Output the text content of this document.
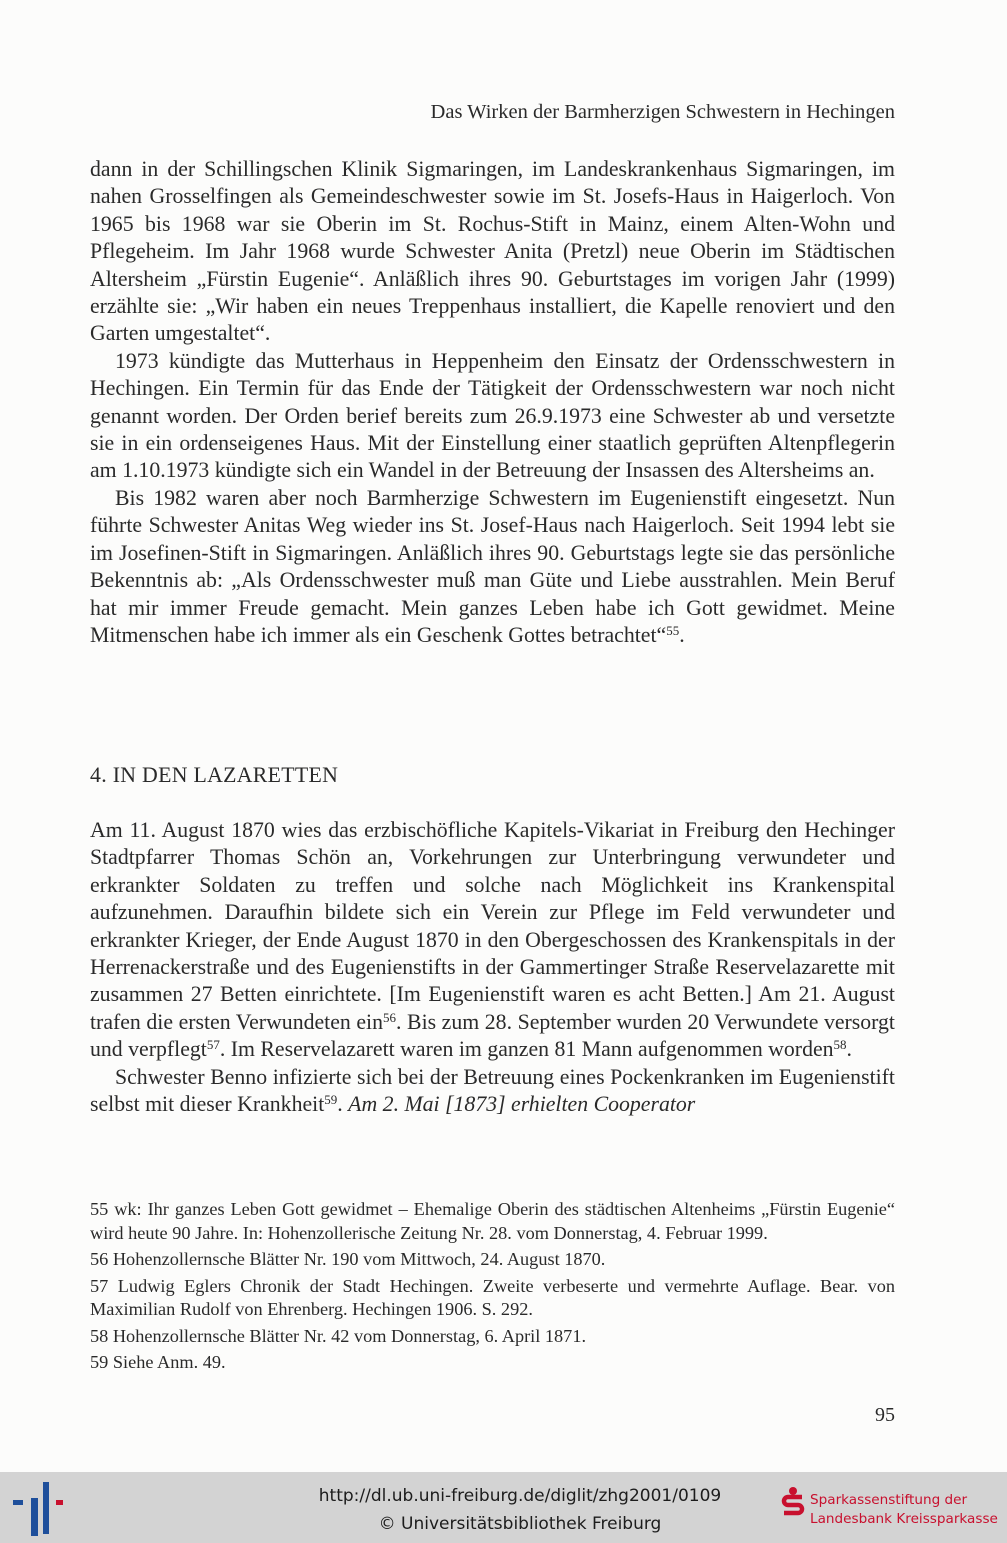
Das Wirken der Barmherzigen Schwestern in Hechingen

dann in der Schillingschen Klinik Sigmaringen, im Landeskrankenhaus Sigmaringen, im nahen Grosselfingen als Gemeindeschwester sowie im St. Josefs-Haus in Haigerloch. Von 1965 bis 1968 war sie Oberin im St. Rochus-Stift in Mainz, einem Alten-Wohn und Pflegeheim. Im Jahr 1968 wurde Schwester Anita (Pretzl) neue Oberin im Städtischen Altersheim „Fürstin Eugenie“. Anläßlich ihres 90. Geburtstages im vorigen Jahr (1999) erzählte sie: „Wir haben ein neues Treppenhaus installiert, die Kapelle renoviert und den Garten umgestaltet“.

1973 kündigte das Mutterhaus in Heppenheim den Einsatz der Ordensschwestern in Hechingen. Ein Termin für das Ende der Tätigkeit der Ordensschwestern war noch nicht genannt worden. Der Orden berief bereits zum 26.9.1973 eine Schwester ab und versetzte sie in ein ordenseigenes Haus. Mit der Einstellung einer staatlich geprüften Altenpflegerin am 1.10.1973 kündigte sich ein Wandel in der Betreuung der Insassen des Altersheims an.

Bis 1982 waren aber noch Barmherzige Schwestern im Eugenienstift eingesetzt. Nun führte Schwester Anitas Weg wieder ins St. Josef-Haus nach Haigerloch. Seit 1994 lebt sie im Josefinen-Stift in Sigmaringen. Anläßlich ihres 90. Geburtstags legte sie das persönliche Bekenntnis ab: „Als Ordensschwester muß man Güte und Liebe ausstrahlen. Mein Beruf hat mir immer Freude gemacht. Mein ganzes Leben habe ich Gott gewidmet. Meine Mitmenschen habe ich immer als ein Geschenk Gottes betrachtet“$^{55}$.

4. IN DEN LAZARETTEN

Am 11. August 1870 wies das erzbischöfliche Kapitels-Vikariat in Freiburg den Hechinger Stadtpfarrer Thomas Schön an, Vorkehrungen zur Unterbringung verwundeter und erkrankter Soldaten zu treffen und solche nach Möglichkeit ins Krankenspital aufzunehmen. Daraufhin bildete sich ein Verein zur Pflege im Feld verwundeter und erkrankter Krieger, der Ende August 1870 in den Obergeschossen des Krankenspitals in der Herrenackerstraße und des Eugenienstifts in der Gammertinger Straße Reservelazarette mit zusammen 27 Betten einrichtete. [Im Eugenienstift waren es acht Betten.] Am 21. August trafen die ersten Verwundeten ein$^{56}$. Bis zum 28. September wurden 20 Verwundete versorgt und verpflegt$^{57}$. Im Reservelazarett waren im ganzen 81 Mann aufgenommen worden$^{58}$.

Schwester Benno infizierte sich bei der Betreuung eines Pockenkranken im Eugenienstift selbst mit dieser Krankheit$^{59}$. Am 2. Mai [1873] erhielten Cooperator

55 wk: Ihr ganzes Leben Gott gewidmet – Ehemalige Oberin des städtischen Altenheims „Fürstin Eugenie“ wird heute 90 Jahre. In: Hohenzollerische Zeitung Nr. 28. vom Donnerstag, 4. Februar 1999.

56 Hohenzollernsche Blätter Nr. 190 vom Mittwoch, 24. August 1870.

57 Ludwig Eglers Chronik der Stadt Hechingen. Zweite verbeserte und vermehrte Auflage. Bear. von Maximilian Rudolf von Ehrenberg. Hechingen 1906. S. 292.

58 Hohenzollernsche Blätter Nr. 42 vom Donnerstag, 6. April 1871.

59 Siehe Anm. 49.

95

http://dl.ub.uni-freiburg.de/diglit/zhg2001/0109
© Universitätsbibliothek Freiburg
Sparkassenstiftung der
Landesbank Kreissparkasse
